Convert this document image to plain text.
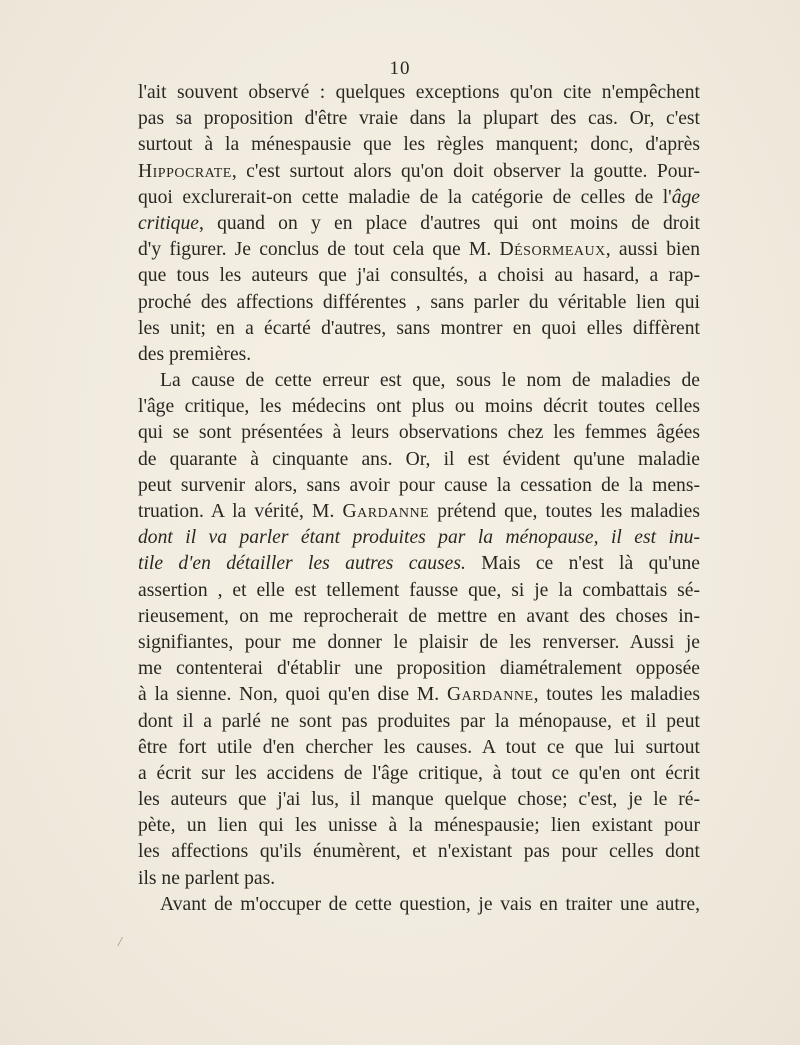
10
l'ait souvent observé : quelques exceptions qu'on cite n'empêchent
pas sa proposition d'être vraie dans la plupart des cas. Or, c'est
surtout à la ménespausie que les règles manquent; donc, d'après
Hippocrate, c'est surtout alors qu'on doit observer la goutte. Pour-
quoi exclurerait-on cette maladie de la catégorie de celles de l'âge
critique, quand on y en place d'autres qui ont moins de droit
d'y figurer. Je conclus de tout cela que M. Désormeaux, aussi bien
que tous les auteurs que j'ai consultés, a choisi au hasard, a rap-
proché des affections différentes , sans parler du véritable lien qui
les unit; en a écarté d'autres, sans montrer en quoi elles diffèrent
des premières.
La cause de cette erreur est que, sous le nom de maladies de
l'âge critique, les médecins ont plus ou moins décrit toutes celles
qui se sont présentées à leurs observations chez les femmes âgées
de quarante à cinquante ans. Or, il est évident qu'une maladie
peut survenir alors, sans avoir pour cause la cessation de la mens-
truation. A la vérité, M. Gardanne prétend que, toutes les maladies
dont il va parler étant produites par la ménopause, il est inu-
tile d'en détailler les autres causes. Mais ce n'est là qu'une
assertion , et elle est tellement fausse que, si je la combattais sé-
rieusement, on me reprocherait de mettre en avant des choses in-
signifiantes, pour me donner le plaisir de les renverser. Aussi je
me contenterai d'établir une proposition diamétralement opposée
à la sienne. Non, quoi qu'en dise M. Gardanne, toutes les maladies
dont il a parlé ne sont pas produites par la ménopause, et il peut
être fort utile d'en chercher les causes. A tout ce que lui surtout
a écrit sur les accidens de l'âge critique, à tout ce qu'en ont écrit
les auteurs que j'ai lus, il manque quelque chose; c'est, je le ré-
pète, un lien qui les unisse à la ménespausie; lien existant pour
les affections qu'ils énumèrent, et n'existant pas pour celles dont
ils ne parlent pas.
Avant de m'occuper de cette question, je vais en traiter une autre,
/
